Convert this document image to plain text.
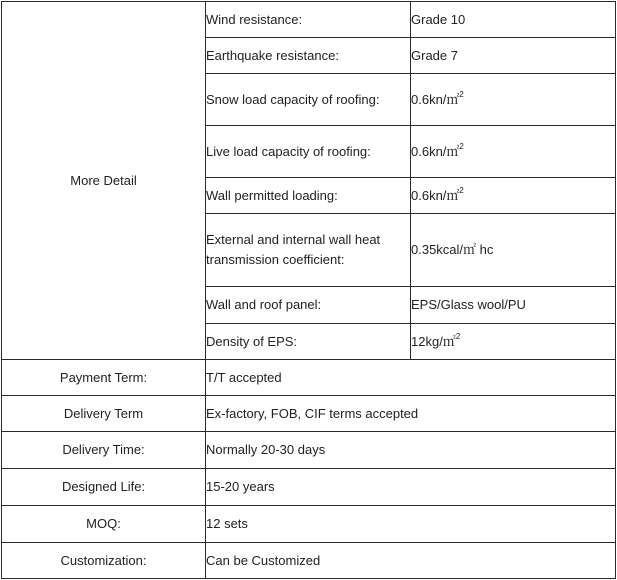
More Detail	Wind resistance:	Grade 10
	Earthquake resistance:	Grade 7
	Snow load capacity of roofing:	0.6kn/㎡$^2$
	Live load capacity of roofing:	0.6kn/㎡$^2$
	Wall permitted loading:	0.6kn/㎡$^2$
	External and internal wall heat transmission coefficient:	0.35kcal/㎡ hc
	Wall and roof panel:	EPS/Glass wool/PU
	Density of EPS:	12kg/㎡$^2$
Payment Term:	T/T accepted	
Delivery Term	Ex-factory, FOB, CIF terms accepted	
Delivery Time:	Normally 20-30 days	
Designed Life:	15-20 years	
MOQ:	12 sets	
Customization:	Can be Customized	
